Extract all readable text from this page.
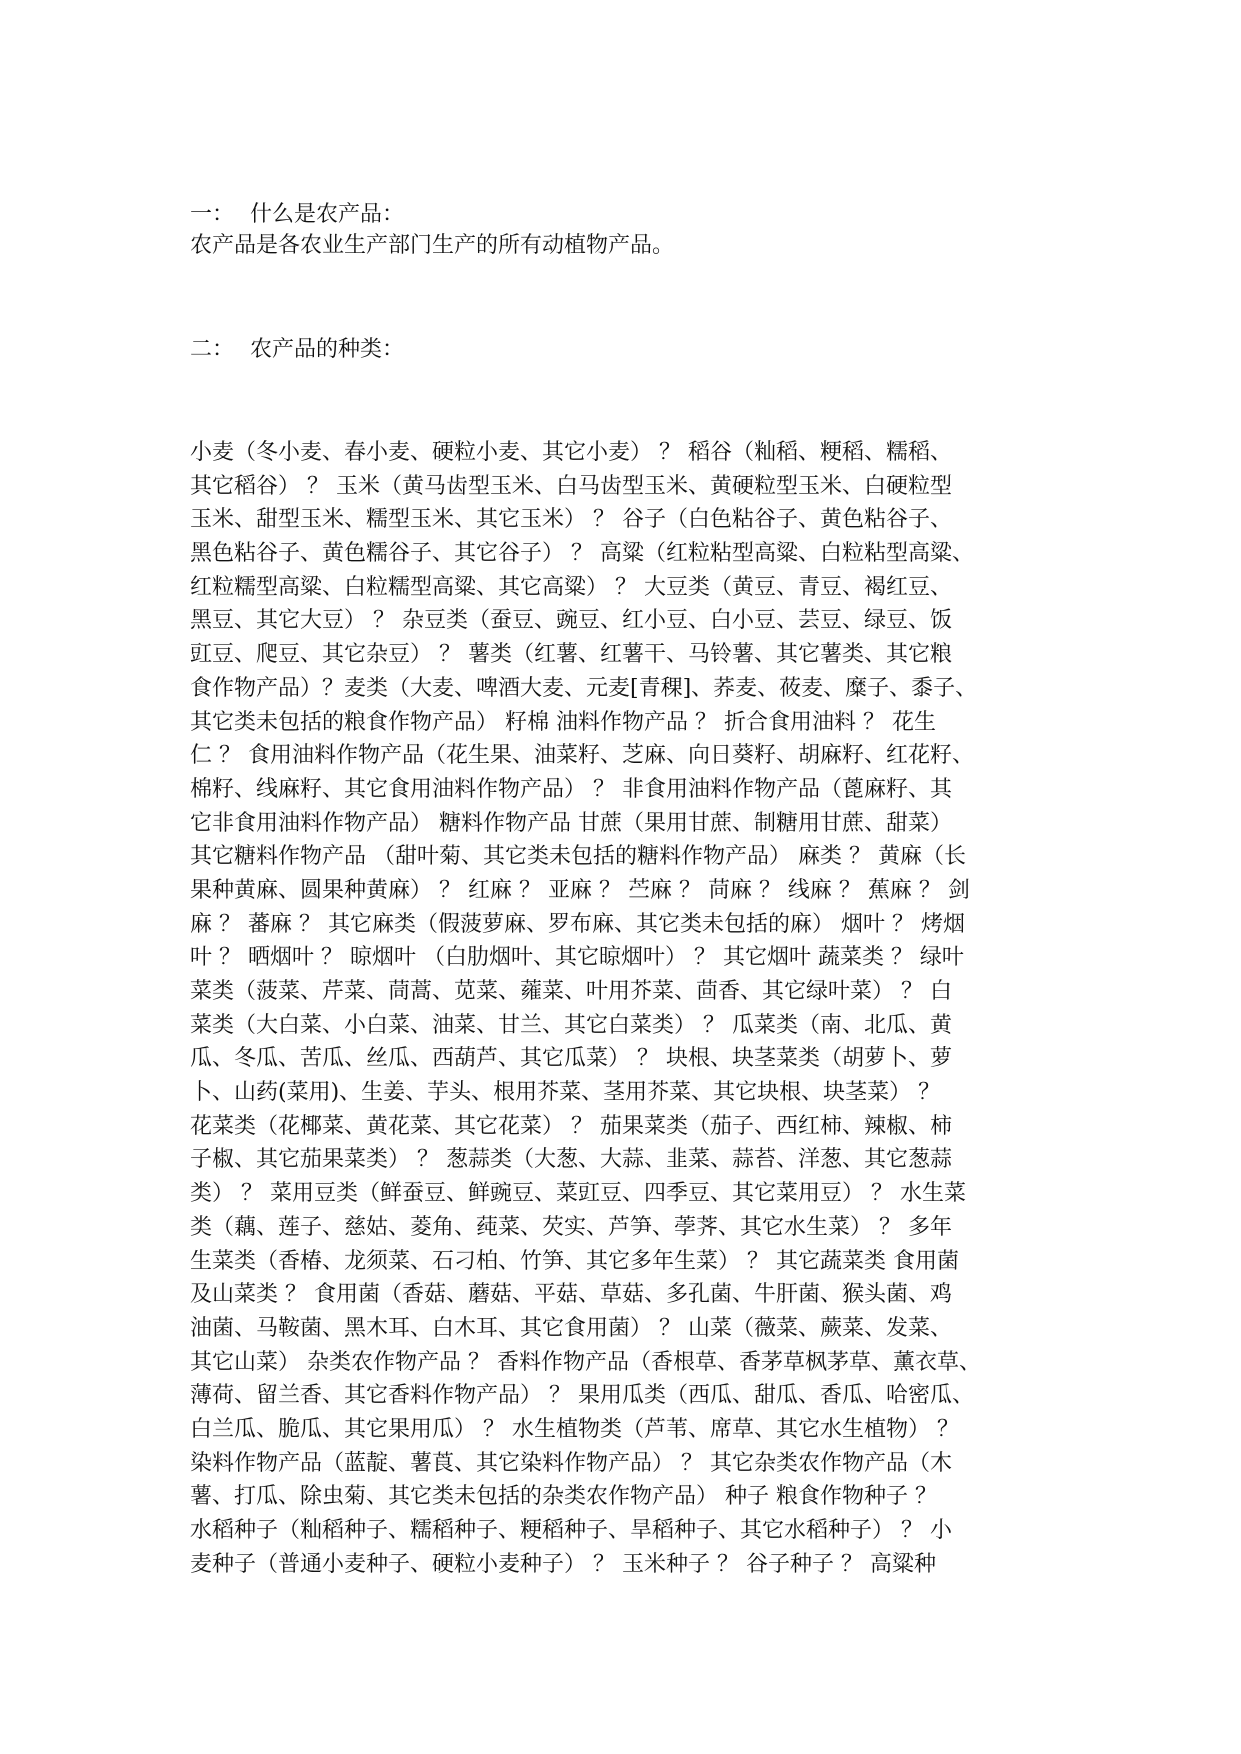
一： 什么是农产品：
农产品是各农业生产部门生产的所有动植物产品。
二： 农产品的种类：
小麦（冬小麦、春小麦、硬粒小麦、其它小麦） ？ 稻谷（籼稻、粳稻、糯稻、
其它稻谷） ？ 玉米（黄马齿型玉米、白马齿型玉米、黄硬粒型玉米、白硬粒型
玉米、甜型玉米、糯型玉米、其它玉米） ？ 谷子（白色粘谷子、黄色粘谷子、
黑色粘谷子、黄色糯谷子、其它谷子） ？ 高粱（红粒粘型高粱、白粒粘型高粱、
红粒糯型高粱、白粒糯型高粱、其它高粱） ？ 大豆类（黄豆、青豆、褐红豆、
黑豆、其它大豆） ？ 杂豆类（蚕豆、豌豆、红小豆、白小豆、芸豆、绿豆、饭
豇豆、爬豆、其它杂豆） ？ 薯类（红薯、红薯干、马铃薯、其它薯类、其它粮
食作物产品）？麦类（大麦、啤酒大麦、元麦[青稞]、荞麦、莜麦、糜子、黍子、
其它类未包括的粮食作物产品） 籽棉 油料作物产品 ？ 折合食用油料 ？ 花生
仁 ？ 食用油料作物产品（花生果、油菜籽、芝麻、向日葵籽、胡麻籽、红花籽、
棉籽、线麻籽、其它食用油料作物产品） ？ 非食用油料作物产品（蓖麻籽、其
它非食用油料作物产品） 糖料作物产品 甘蔗（果用甘蔗、制糖用甘蔗、甜菜）
其它糖料作物产品 （甜叶菊、其它类未包括的糖料作物产品） 麻类 ？ 黄麻（长
果种黄麻、圆果种黄麻） ？ 红麻 ？ 亚麻 ？ 苎麻 ？ 苘麻 ？ 线麻 ？ 蕉麻 ？ 剑
麻 ？ 蕃麻 ？ 其它麻类（假菠萝麻、罗布麻、其它类未包括的麻） 烟叶 ？ 烤烟
叶 ？ 晒烟叶 ？ 晾烟叶 （白肋烟叶、其它晾烟叶） ？ 其它烟叶 蔬菜类 ？ 绿叶
菜类（菠菜、芹菜、茼蒿、苋菜、蕹菜、叶用芥菜、茴香、其它绿叶菜） ？ 白
菜类（大白菜、小白菜、油菜、甘兰、其它白菜类） ？ 瓜菜类（南、北瓜、黄
瓜、冬瓜、苦瓜、丝瓜、西葫芦、其它瓜菜） ？ 块根、块茎菜类（胡萝卜、萝
卜、山药(菜用)、生姜、芋头、根用芥菜、茎用芥菜、其它块根、块茎菜） ？
花菜类（花椰菜、黄花菜、其它花菜） ？ 茄果菜类（茄子、西红柿、辣椒、柿
子椒、其它茄果菜类） ？ 葱蒜类（大葱、大蒜、韭菜、蒜苔、洋葱、其它葱蒜
类） ？ 菜用豆类（鲜蚕豆、鲜豌豆、菜豇豆、四季豆、其它菜用豆） ？ 水生菜
类（藕、莲子、慈姑、菱角、莼菜、芡实、芦笋、荸荠、其它水生菜） ？ 多年
生菜类（香椿、龙须菜、石刁柏、竹笋、其它多年生菜） ？ 其它蔬菜类 食用菌
及山菜类 ？ 食用菌（香菇、蘑菇、平菇、草菇、多孔菌、牛肝菌、猴头菌、鸡
油菌、马鞍菌、黑木耳、白木耳、其它食用菌） ？ 山菜（薇菜、蕨菜、发菜、
其它山菜） 杂类农作物产品 ？ 香料作物产品（香根草、香茅草枫茅草、薰衣草、
薄荷、留兰香、其它香料作物产品） ？ 果用瓜类（西瓜、甜瓜、香瓜、哈密瓜、
白兰瓜、脆瓜、其它果用瓜） ？ 水生植物类（芦苇、席草、其它水生植物） ？
染料作物产品（蓝靛、薯莨、其它染料作物产品） ？ 其它杂类农作物产品（木
薯、打瓜、除虫菊、其它类未包括的杂类农作物产品） 种子 粮食作物种子 ？
水稻种子（籼稻种子、糯稻种子、粳稻种子、旱稻种子、其它水稻种子） ？ 小
麦种子（普通小麦种子、硬粒小麦种子） ？ 玉米种子 ？ 谷子种子 ？ 高粱种
